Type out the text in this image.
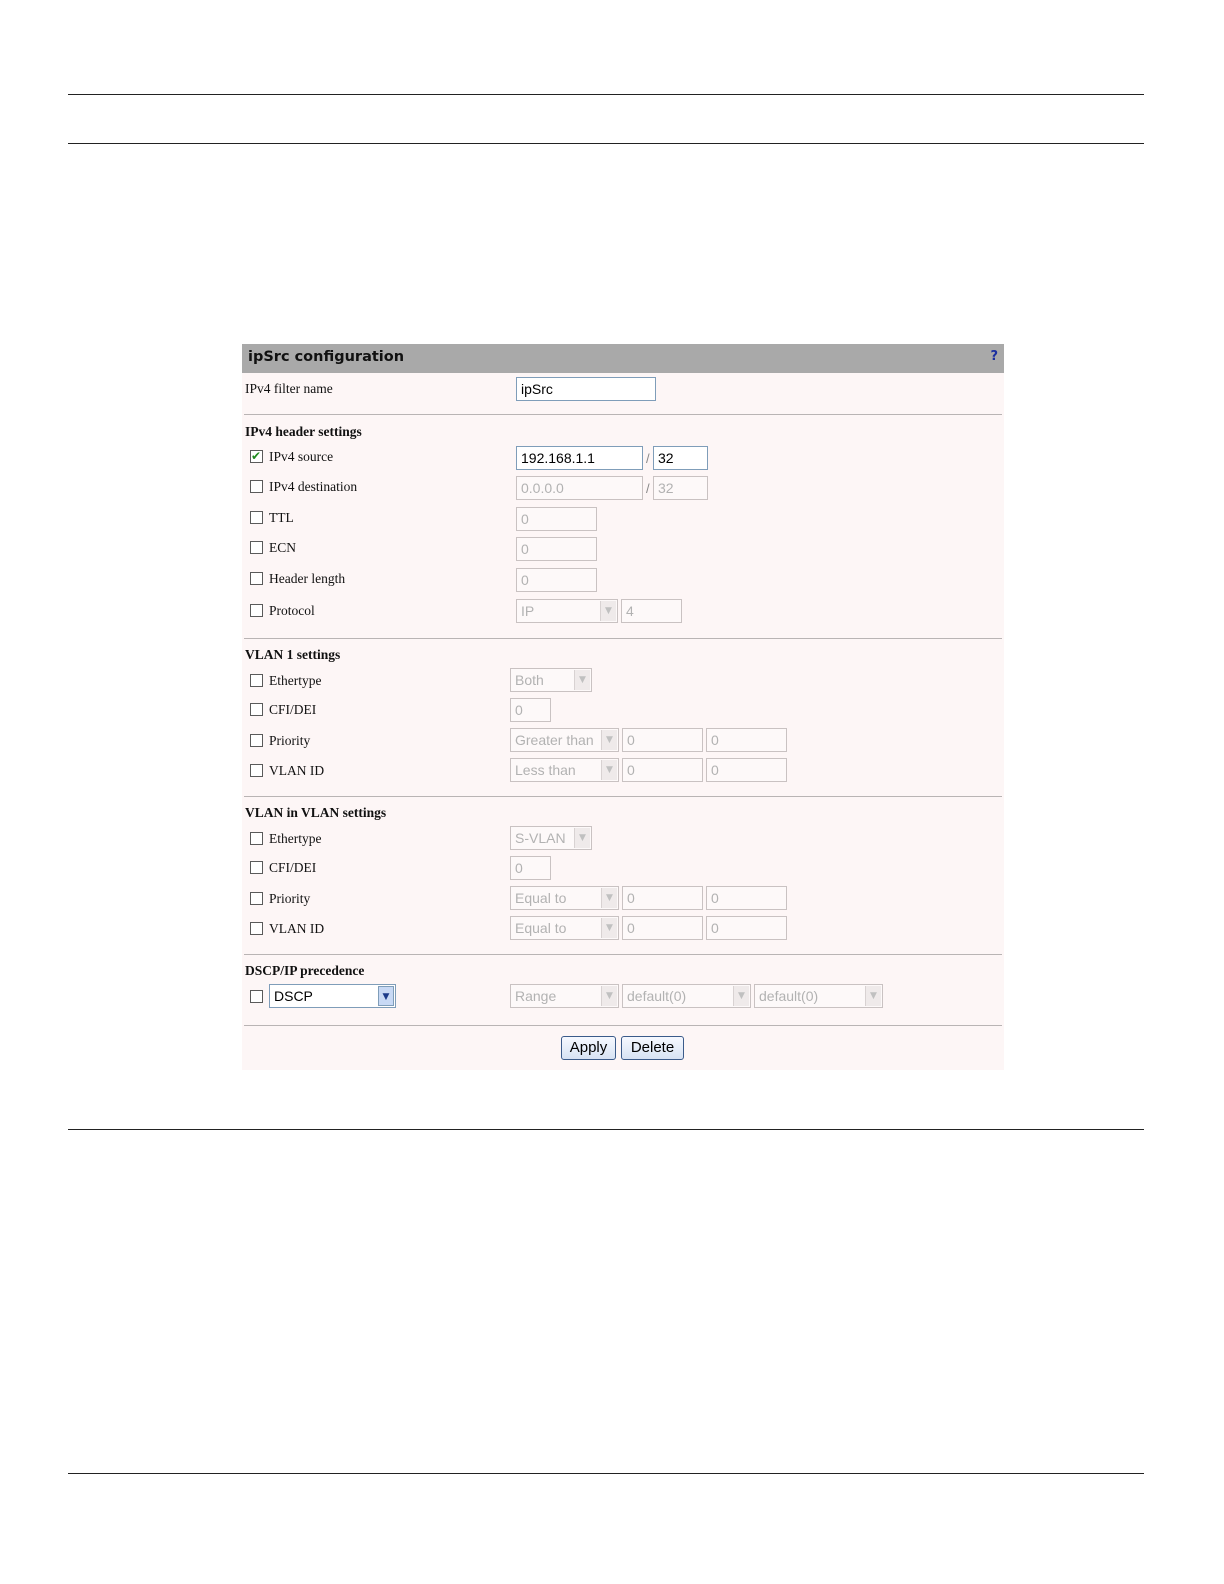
ipSrc configuration	?
IPv4 filter name	ipSrc
IPv4 header settings
✔ IPv4 source	192.168.1.1	/ 32
IPv4 destination	0.0.0.0	/ 32
TTL	0
ECN	0
Header length	0
Protocol	IP	▼	4
VLAN 1 settings
Ethertype	Both	▼
CFI/DEI	0
Priority	Greater than	▼	0	0
VLAN ID	Less than	▼	0	0
VLAN in VLAN settings
Ethertype	S-VLAN	▼
CFI/DEI	0
Priority	Equal to	▼	0	0
VLAN ID	Equal to	▼	0	0
DSCP/IP precedence
DSCP	▼	Range	▼	default(0)	▼	default(0)	▼
Apply	Delete
